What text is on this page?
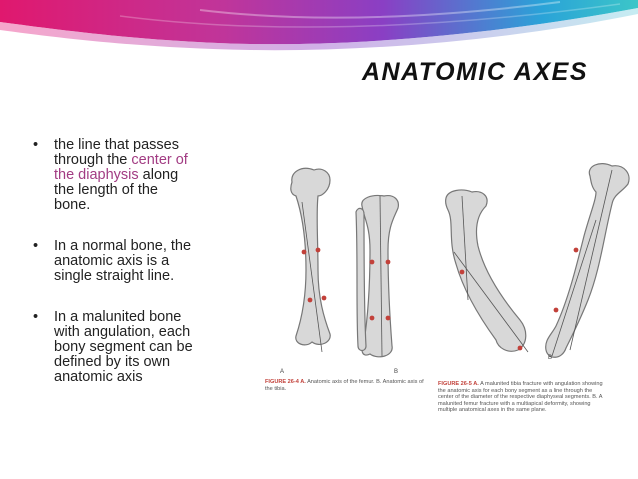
ANATOMIC AXES
• the line that passes
through the center of
the diaphysis along
the length of the
bone.
• In a normal bone, the
anatomic axis is a
single straight line.
• In a malunited bone
with angulation, each
bony segment can be
defined by its own
anatomic axis	A	B
B
FIGURE 26-4 A. Anatomic axis of the femur. B. Anatomic axis of the tibia.
FIGURE 26-5 A. A malunited tibia fracture with angulation showing the anatomic axis for each bony segment as a line through the center of the diameter of the respective diaphyseal segments. B. A malunited femur fracture with a multiapical deformity, showing multiple anatomical axes in the same plane.
